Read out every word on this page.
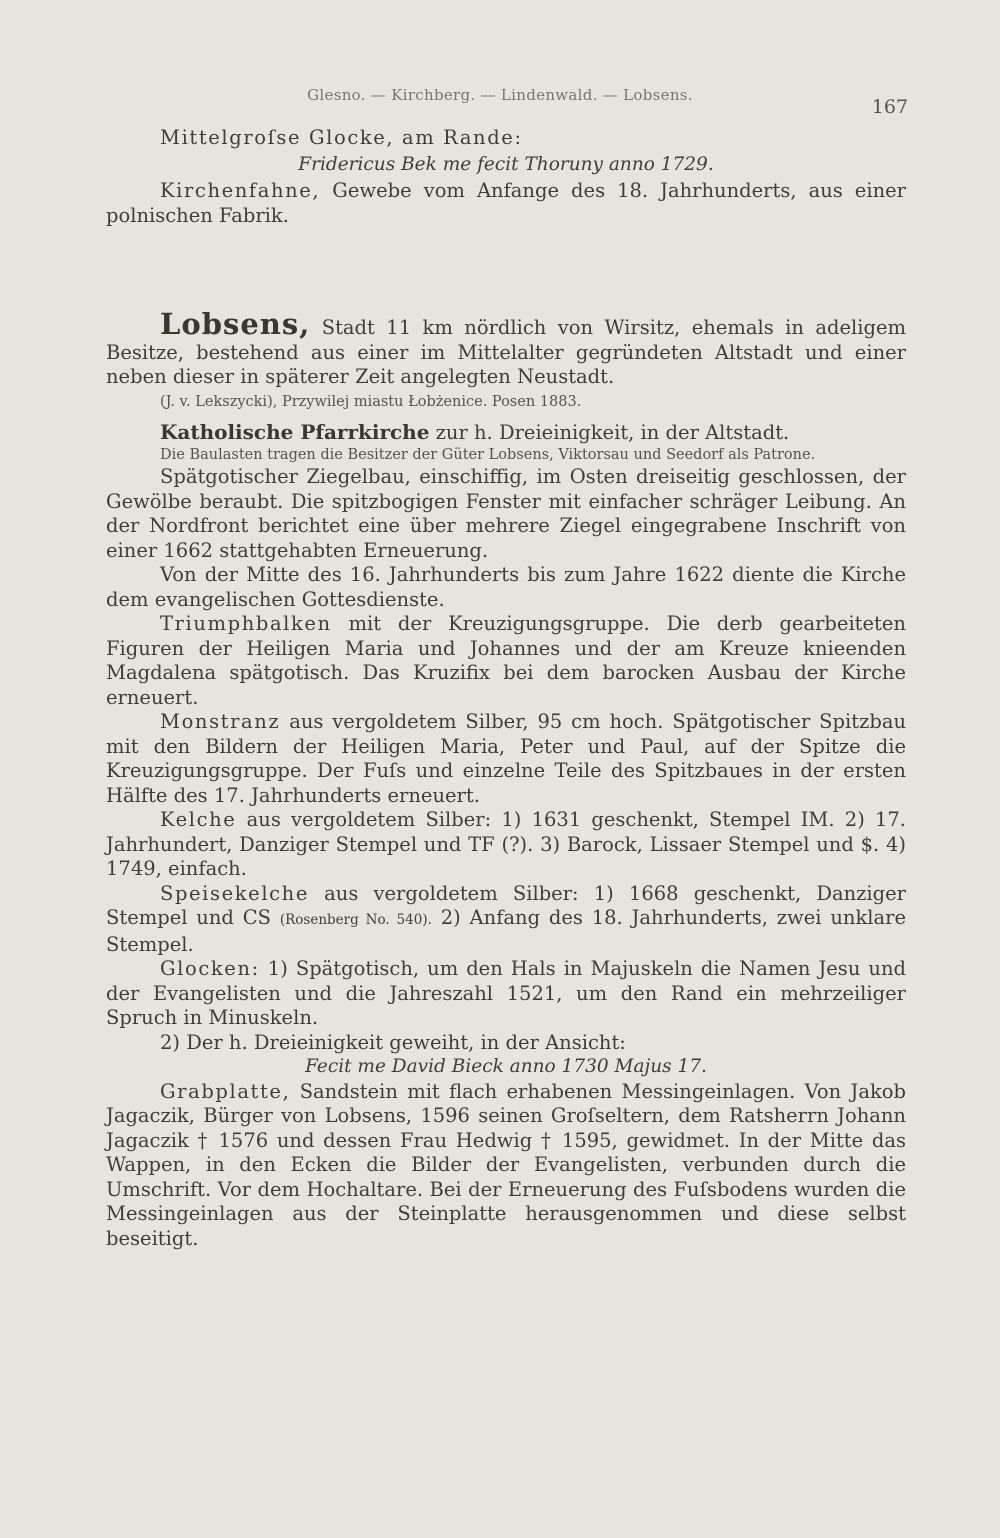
Glesno. — Kirchberg. — Lindenwald. — Lobsens.
167

Mittelgroſse Glocke, am Rande:

Fridericus Bek me fecit Thoruny anno 1729.

Kirchenfahne, Gewebe vom Anfange des 18. Jahrhunderts, aus einer polnischen Fabrik.

Lobsens, Stadt 11 km nördlich von Wirsitz, ehemals in adeligem Besitze, bestehend aus einer im Mittelalter gegründeten Altstadt und einer neben dieser in späterer Zeit angelegten Neustadt.

(J. v. Lekszycki), Przywilej miastu Łobżenice. Posen 1883.

Katholische Pfarrkirche zur h. Dreieinigkeit, in der Altstadt.

Die Baulasten tragen die Besitzer der Güter Lobsens, Viktorsau und Seedorf als Patrone.

Spätgotischer Ziegelbau, einschiffig, im Osten dreiseitig geschlossen, der Gewölbe beraubt. Die spitzbogigen Fenster mit einfacher schräger Leibung. An der Nordfront berichtet eine über mehrere Ziegel eingegrabene Inschrift von einer 1662 stattgehabten Erneuerung.

Von der Mitte des 16. Jahrhunderts bis zum Jahre 1622 diente die Kirche dem evangelischen Gottesdienste.

Triumphbalken mit der Kreuzigungsgruppe. Die derb gearbeiteten Figuren der Heiligen Maria und Johannes und der am Kreuze knieenden Magdalena spätgotisch. Das Kruzifix bei dem barocken Ausbau der Kirche erneuert.

Monstranz aus vergoldetem Silber, 95 cm hoch. Spätgotischer Spitzbau mit den Bildern der Heiligen Maria, Peter und Paul, auf der Spitze die Kreuzigungsgruppe. Der Fuſs und einzelne Teile des Spitzbaues in der ersten Hälfte des 17. Jahrhunderts erneuert.

Kelche aus vergoldetem Silber: 1) 1631 geschenkt, Stempel IM. 2) 17. Jahrhundert, Danziger Stempel und TF (?). 3) Barock, Lissaer Stempel und $. 4) 1749, einfach.

Speisekelche aus vergoldetem Silber: 1) 1668 geschenkt, Danziger Stempel und CS (Rosenberg No. 540). 2) Anfang des 18. Jahrhunderts, zwei unklare Stempel.

Glocken: 1) Spätgotisch, um den Hals in Majuskeln die Namen Jesu und der Evangelisten und die Jahreszahl 1521, um den Rand ein mehrzeiliger Spruch in Minuskeln.

2) Der h. Dreieinigkeit geweiht, in der Ansicht:

Fecit me David Bieck anno 1730 Majus 17.

Grabplatte, Sandstein mit flach erhabenen Messingeinlagen. Von Jakob Jagaczik, Bürger von Lobsens, 1596 seinen Groſseltern, dem Ratsherrn Johann Jagaczik † 1576 und dessen Frau Hedwig † 1595, gewidmet. In der Mitte das Wappen, in den Ecken die Bilder der Evangelisten, verbunden durch die Umschrift. Vor dem Hochaltare. Bei der Erneuerung des Fuſsbodens wurden die Messingeinlagen aus der Steinplatte herausgenommen und diese selbst beseitigt.
